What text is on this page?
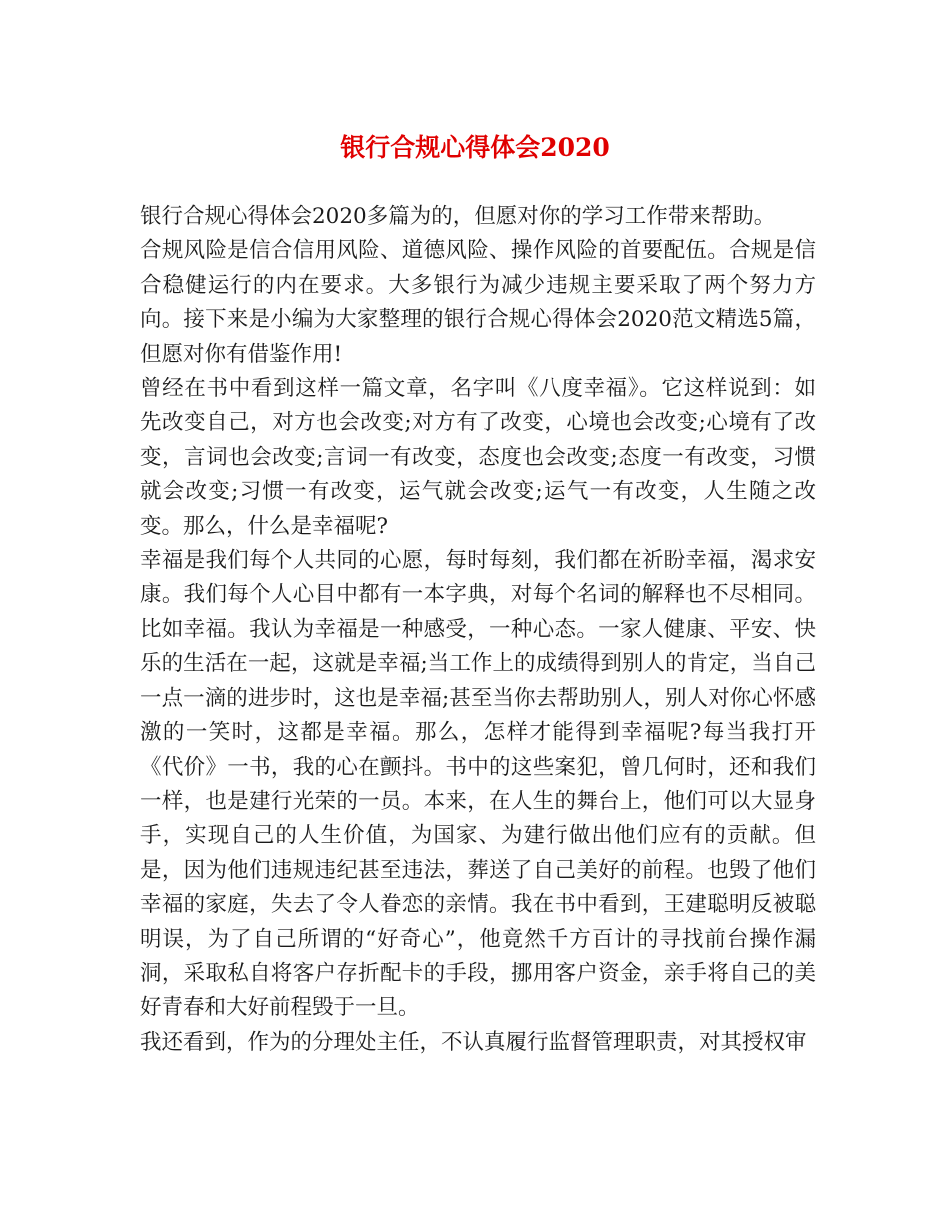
银行合规心得体会2020

银行合规心得体会2020多篇为的，但愿对你的学习工作带来帮助。

合规风险是信合信用风险、道德风险、操作风险的首要配伍。合规是信合稳健运行的内在要求。大多银行为减少违规主要采取了两个努力方向。接下来是小编为大家整理的银行合规心得体会2020范文精选5篇，但愿对你有借鉴作用!

曾经在书中看到这样一篇文章，名字叫《八度幸福》。它这样说到：如先改变自己，对方也会改变;对方有了改变，心境也会改变;心境有了改变，言词也会改变;言词一有改变，态度也会改变;态度一有改变，习惯就会改变;习惯一有改变，运气就会改变;运气一有改变，人生随之改变。那么，什么是幸福呢?

幸福是我们每个人共同的心愿，每时每刻，我们都在祈盼幸福，渴求安康。我们每个人心目中都有一本字典，对每个名词的解释也不尽相同。比如幸福。我认为幸福是一种感受，一种心态。一家人健康、平安、快乐的生活在一起，这就是幸福;当工作上的成绩得到别人的肯定，当自己一点一滴的进步时，这也是幸福;甚至当你去帮助别人，别人对你心怀感激的一笑时，这都是幸福。那么，怎样才能得到幸福呢?每当我打开《代价》一书，我的心在颤抖。书中的这些案犯，曾几何时，还和我们一样，也是建行光荣的一员。本来，在人生的舞台上，他们可以大显身手，实现自己的人生价值，为国家、为建行做出他们应有的贡献。但是，因为他们违规违纪甚至违法，葬送了自己美好的前程。也毁了他们幸福的家庭，失去了令人眷恋的亲情。我在书中看到，王建聪明反被聪明误，为了自己所谓的“好奇心”，他竟然千方百计的寻找前台操作漏洞，采取私自将客户存折配卡的手段，挪用客户资金，亲手将自己的美好青春和大好前程毁于一旦。

我还看到，作为的分理处主任，不认真履行监督管理职责，对其授权审
